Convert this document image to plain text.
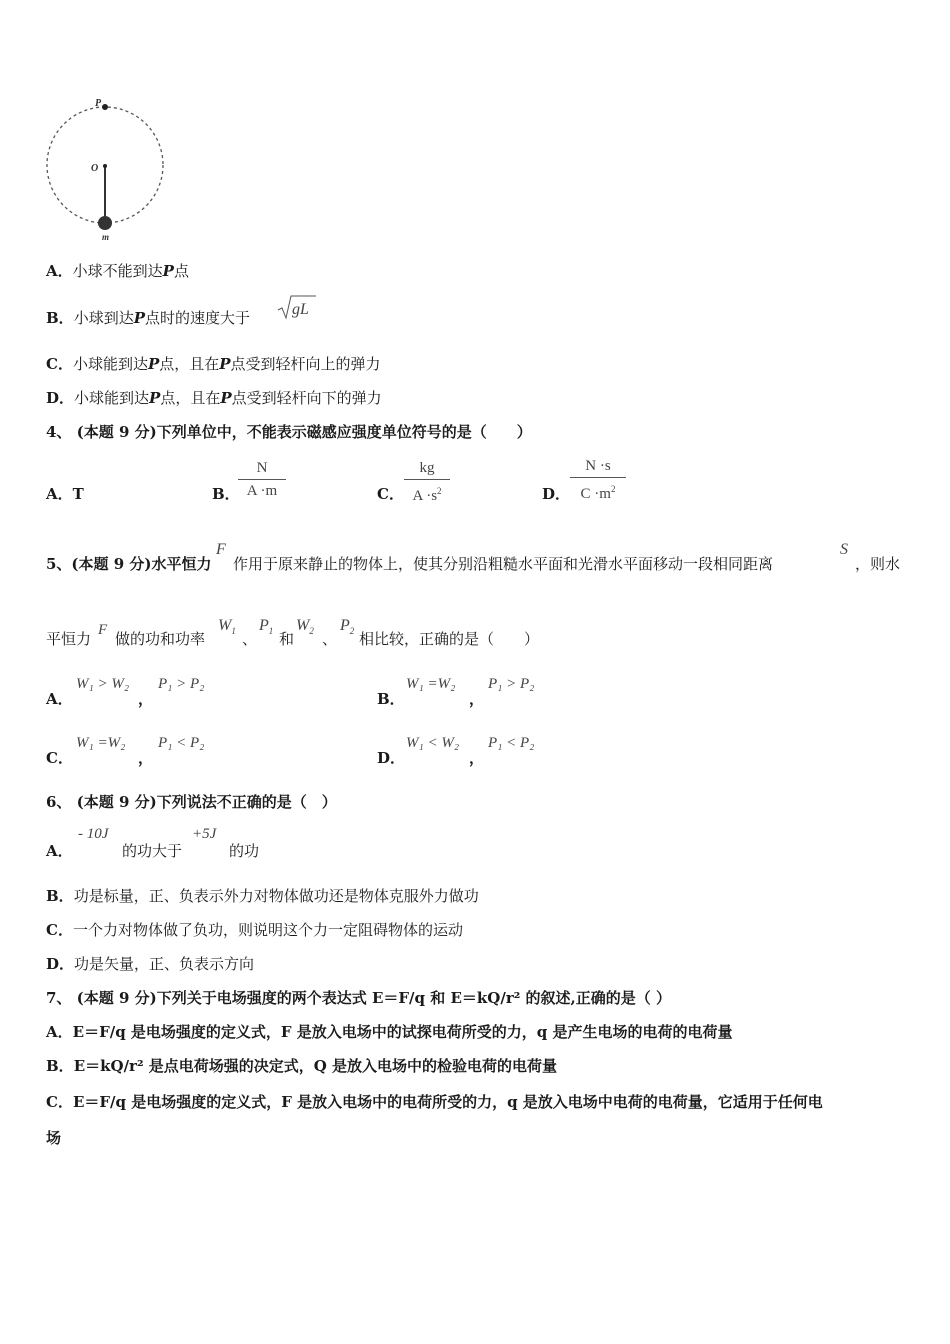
P
O
m
A．小球不能到达P点
B．小球到达P点时的速度大于	gL
C．小球能到达P点，且在P点受到轻杆向上的弹力
D．小球能到达P点，且在P点受到轻杆向下的弹力
4、 (本题 9 分)下列单位中，不能表示磁感应强度单位符号的是（　　）
A．T	B．
N
A ·m	C．
kg
$A \cdot s^2$	D．
N ·s
$C \cdot m^2$
5、(本题 9 分)水平恒力
F
作用于原来静止的物体上，使其分别沿粗糙水平面和光滑水平面移动一段相同距离
S
，则水
平恒力 F 做的功和功率
$W_1$ 、
$P_1$ 和
$W_2$ 、
$P_2$ 相比较，正确的是（　　）
A．
W₁ > W₂
，
P₁ > P₂
B．
W₁ =W₂
，
P₁ > P₂
C．
W₁ =W₂
，
P₁ < P₂
D．
W₁ < W₂
，
P₁ < P₂
6、 (本题 9 分)下列说法不正确的是（　）
A．
- 10J
的功大于
+5J
的功
B．功是标量，正、负表示外力对物体做功还是物体克服外力做功
C．一个力对物体做了负功，则说明这个力一定阻碍物体的运动
D．功是矢量，正、负表示方向
7、 (本题 9 分)下列关于电场强度的两个表达式 E＝F/q 和 E＝kQ/r² 的叙述,正确的是（ ）
A．E＝F/q 是电场强度的定义式，F 是放入电场中的试探电荷所受的力，q 是产生电场的电荷的电荷量
B．E＝kQ/r² 是点电荷场强的决定式，Q 是放入电场中的检验电荷的电荷量
C．E＝F/q 是电场强度的定义式，F 是放入电场中的电荷所受的力，q 是放入电场中电荷的电荷量，它适用于任何电
场
